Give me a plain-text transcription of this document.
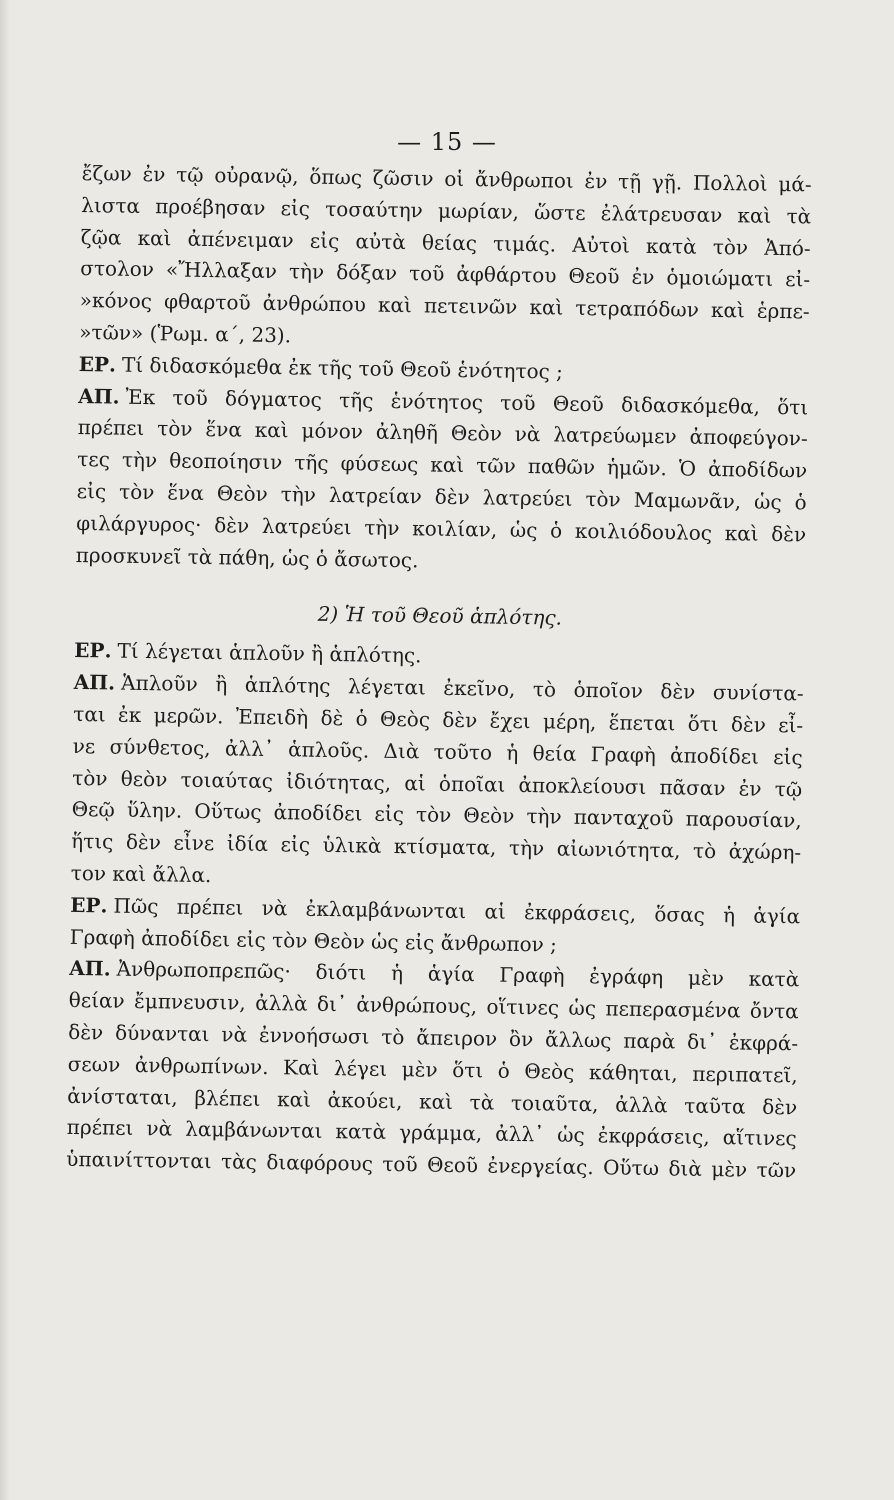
— 15 —
ἔζων ἐν τῷ οὐρανῷ, ὅπως ζῶσιν οἱ ἄνθρωποι ἐν τῇ γῇ. Πολλοὶ μά-
λιστα προέβησαν εἰς τοσαύτην μωρίαν, ὥστε ἐλάτρευσαν καὶ τὰ
ζῷα καὶ ἀπένειμαν εἰς αὐτὰ θείας τιμάς. Αὐτοὶ κατὰ τὸν Ἀπό-
στολον «Ἤλλαξαν τὴν δόξαν τοῦ ἀφθάρτου Θεοῦ ἐν ὁμοιώματι εἰ-
»κόνος φθαρτοῦ ἀνθρώπου καὶ πετεινῶν καὶ τετραπόδων καὶ ἑρπε-
»τῶν» (Ῥωμ. α΄, 23).
ΕΡ. Τί διδασκόμεθα ἐκ τῆς τοῦ Θεοῦ ἑνότητος ;
ΑΠ. Ἐκ τοῦ δόγματος τῆς ἑνότητος τοῦ Θεοῦ διδασκόμεθα, ὅτι
πρέπει τὸν ἕνα καὶ μόνον ἀληθῆ Θεὸν νὰ λατρεύωμεν ἀποφεύγον-
τες τὴν θεοποίησιν τῆς φύσεως καὶ τῶν παθῶν ἡμῶν. Ὁ ἀποδίδων
εἰς τὸν ἕνα Θεὸν τὴν λατρείαν δὲν λατρεύει τὸν Μαμωνᾶν, ὡς ὁ
φιλάργυρος· δὲν λατρεύει τὴν κοιλίαν, ὡς ὁ κοιλιόδουλος καὶ δὲν
προσκυνεῖ τὰ πάθη, ὡς ὁ ἄσωτος.
2) Ἡ τοῦ Θεοῦ ἁπλότης.
ΕΡ. Τί λέγεται ἁπλοῦν ἢ ἁπλότης.
ΑΠ. Ἁπλοῦν ἢ ἁπλότης λέγεται ἐκεῖνο, τὸ ὁποῖον δὲν συνίστα-
ται ἐκ μερῶν. Ἐπειδὴ δὲ ὁ Θεὸς δὲν ἔχει μέρη, ἕπεται ὅτι δὲν εἶ-
νε σύνθετος, ἀλλ᾽ ἁπλοῦς. Διὰ τοῦτο ἡ θεία Γραφὴ ἀποδίδει εἰς
τὸν θεὸν τοιαύτας ἰδιότητας, αἱ ὁποῖαι ἀποκλείουσι πᾶσαν ἐν τῷ
Θεῷ ὕλην. Οὕτως ἀποδίδει εἰς τὸν Θεὸν τὴν πανταχοῦ παρουσίαν,
ἥτις δὲν εἶνε ἰδία εἰς ὑλικὰ κτίσματα, τὴν αἰωνιότητα, τὸ ἀχώρη-
τον καὶ ἄλλα.
ΕΡ. Πῶς πρέπει νὰ ἐκλαμβάνωνται αἱ ἐκφράσεις, ὅσας ἡ ἁγία
Γραφὴ ἀποδίδει εἰς τὸν Θεὸν ὡς εἰς ἄνθρωπον ;
ΑΠ. Ἀνθρωποπρεπῶς· διότι ἡ ἁγία Γραφὴ ἐγράφη μὲν κατὰ
θείαν ἔμπνευσιν, ἀλλὰ δι᾽ ἀνθρώπους, οἵτινες ὡς πεπερασμένα ὄντα
δὲν δύνανται νὰ ἐννοήσωσι τὸ ἄπειρον ὂν ἄλλως παρὰ δι᾽ ἐκφρά-
σεων ἀνθρωπίνων. Καὶ λέγει μὲν ὅτι ὁ Θεὸς κάθηται, περιπατεῖ,
ἀνίσταται, βλέπει καὶ ἀκούει, καὶ τὰ τοιαῦτα, ἀλλὰ ταῦτα δὲν
πρέπει νὰ λαμβάνωνται κατὰ γράμμα, ἀλλ᾽ ὡς ἐκφράσεις, αἵτινες
ὑπαινίττονται τὰς διαφόρους τοῦ Θεοῦ ἐνεργείας. Οὕτω διὰ μὲν τῶν
